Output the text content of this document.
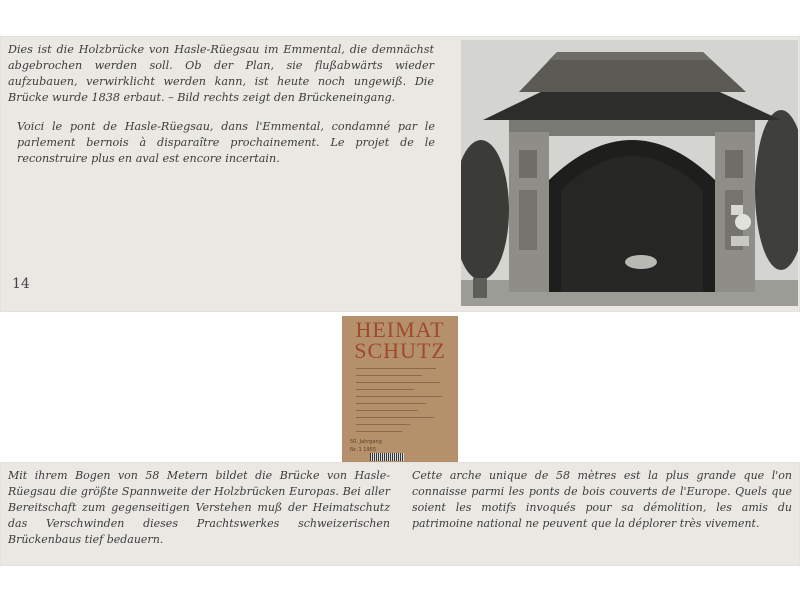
Dies ist die Holzbrücke von Hasle-Rüegsau im Emmental, die demnächst abgebrochen werden soll. Ob der Plan, sie flußabwärts wieder aufzubauen, verwirklicht werden kann, ist heute noch ungewiß. Die Brücke wurde 1838 erbaut. – Bild rechts zeigt den Brückeneingang.

Voici le pont de Hasle-Rüegsau, dans l'Emmental, condamné par le parlement bernois à disparaître prochainement. Le projet de le reconstruire plus en aval est encore incertain.

14
HEIMAT
SCHUTZ
50. Jahrgang
Nr. 1 1955

Mit ihrem Bogen von 58 Metern bildet die Brücke von Hasle-Rüegsau die größte Spannweite der Holzbrücken Europas. Bei aller Bereitschaft zum gegenseitigen Verstehen muß der Heimatschutz das Verschwinden dieses Prachtswerkes schweizerischen Brückenbaus tief bedauern.

Cette arche unique de 58 mètres est la plus grande que l'on connaisse parmi les ponts de bois couverts de l'Europe. Quels que soient les motifs invoqués pour sa démolition, les amis du patrimoine national ne peuvent que la déplorer très vivement.
